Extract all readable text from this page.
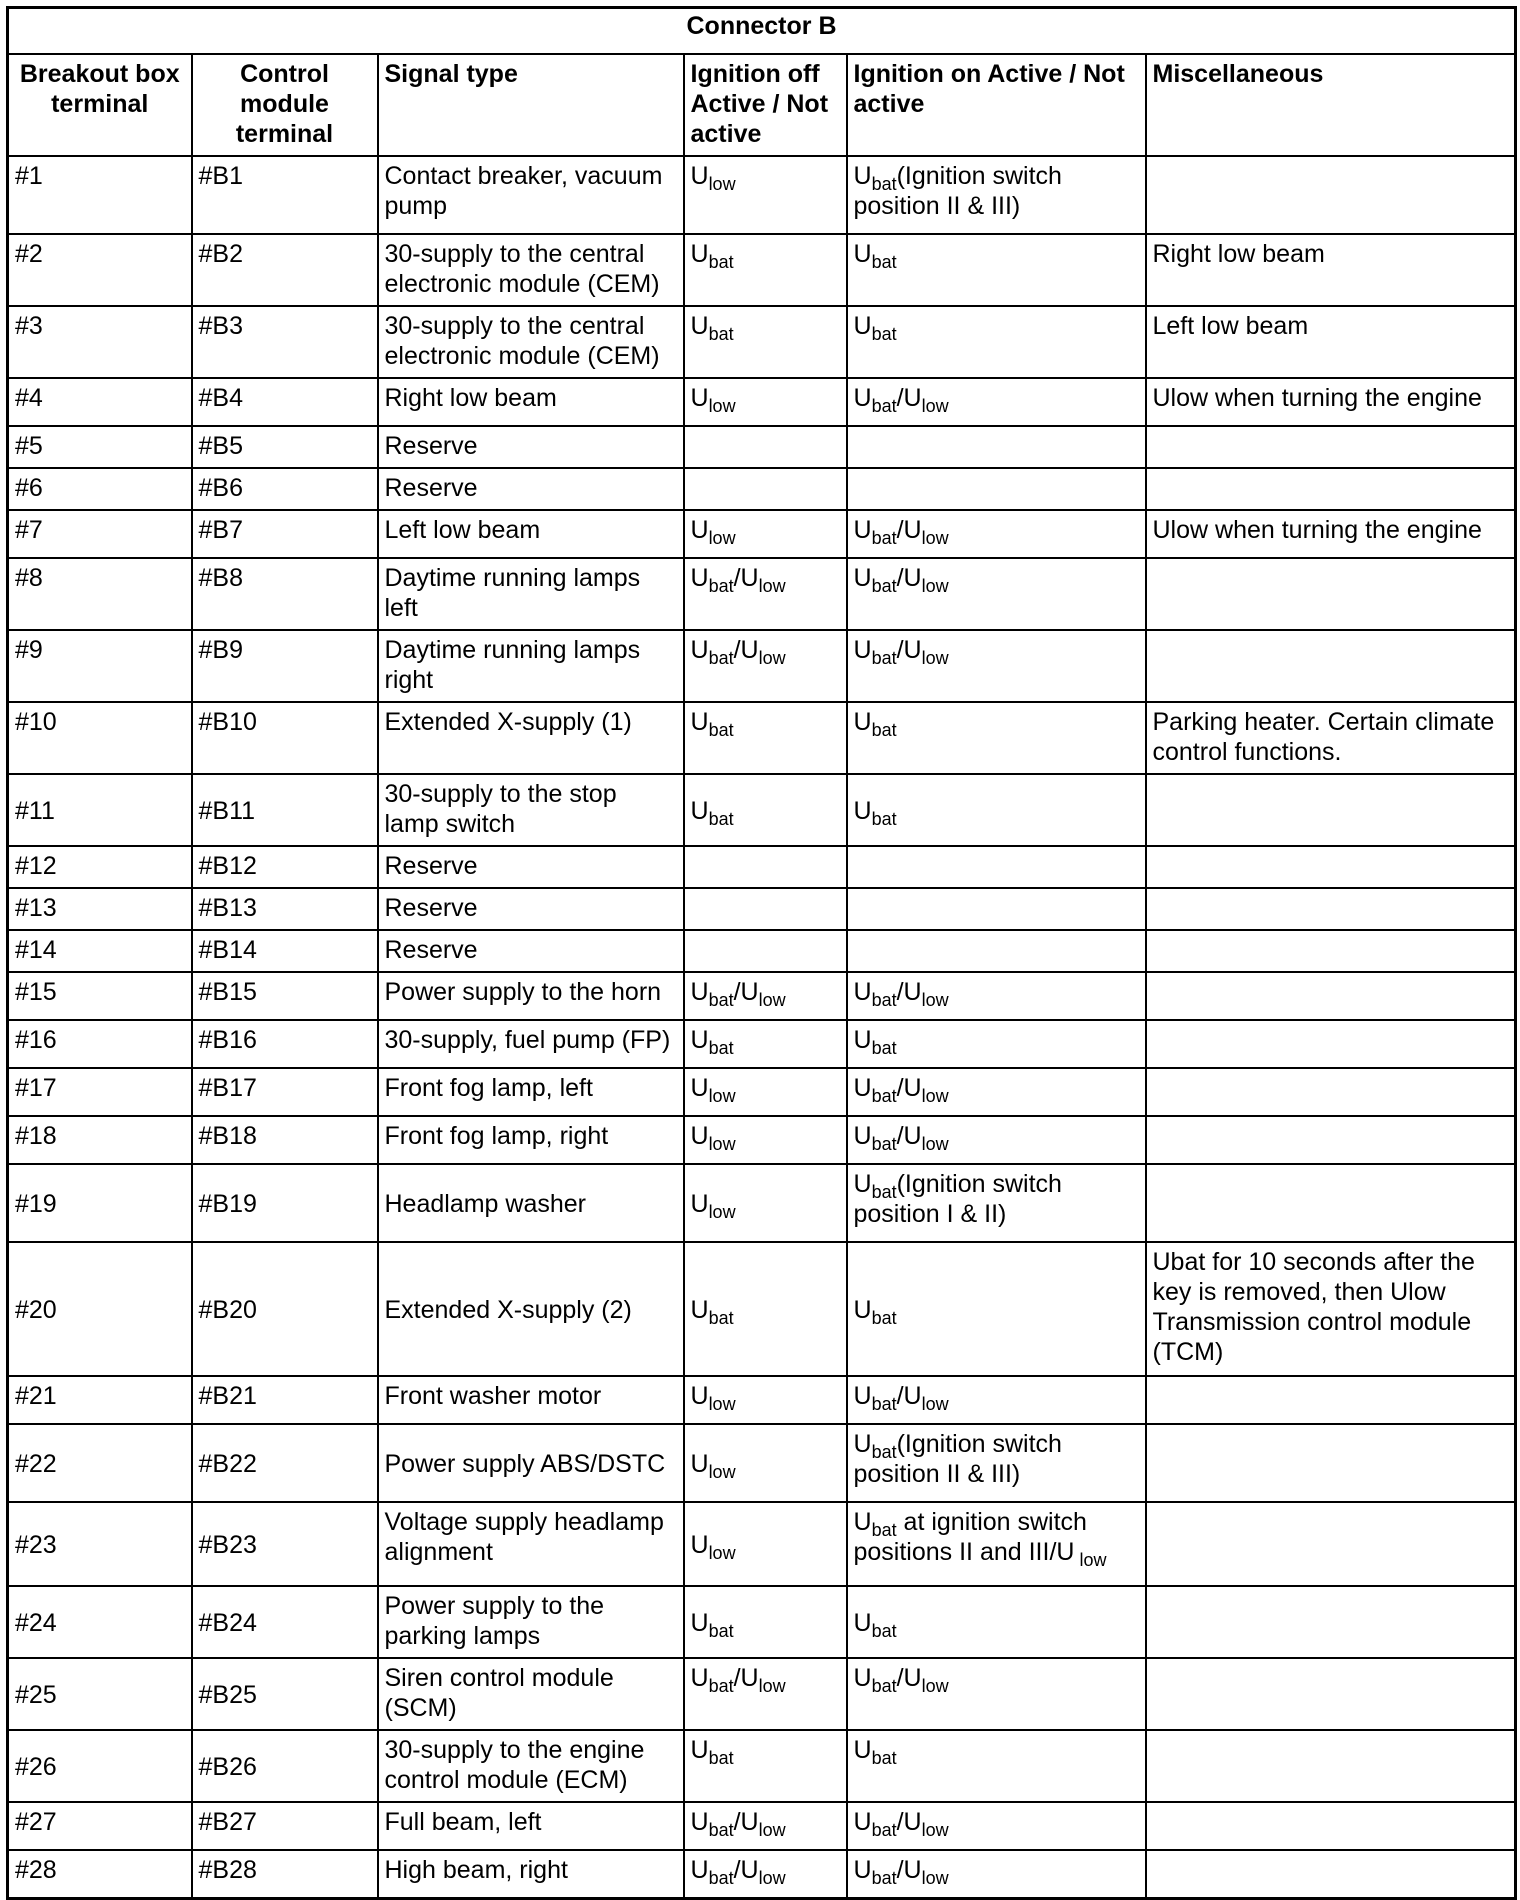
Connector B					
Breakout box terminal	Control module terminal	Signal type	Ignition off Active / Not active	Ignition on Active / Not active	Miscellaneous
#1	#B1	Contact breaker, vacuum pump	$U_{low}$	$U_{bat}(Ignition$ switch position II & III)	
#2	#B2	30-supply to the central electronic module (CEM)	$U_{bat}$	$U_{bat}$	Right low beam
#3	#B3	30-supply to the central electronic module (CEM)	$U_{bat}$	$U_{bat}$	Left low beam
#4	#B4	Right low beam	$U_{low}$	$U_{bat}/U_{low}$	Ulow when turning the engine
#5	#B5	Reserve			
#6	#B6	Reserve			
#7	#B7	Left low beam	$U_{low}$	$U_{bat}/U_{low}$	Ulow when turning the engine
#8	#B8	Daytime running lamps left	$U_{bat}/U_{low}$	$U_{bat}/U_{low}$	
#9	#B9	Daytime running lamps right	$U_{bat}/U_{low}$	$U_{bat}/U_{low}$	
#10	#B10	Extended X-supply (1)	$U_{bat}$	$U_{bat}$	Parking heater. Certain climate control functions.
#11	#B11	30-supply to the stop lamp switch	$U_{bat}$	$U_{bat}$	
#12	#B12	Reserve			
#13	#B13	Reserve			
#14	#B14	Reserve			
#15	#B15	Power supply to the horn	$U_{bat}/U_{low}$	$U_{bat}/U_{low}$	
#16	#B16	30-supply, fuel pump (FP)	$U_{bat}$	$U_{bat}$	
#17	#B17	Front fog lamp, left	$U_{low}$	$U_{bat}/U_{low}$	
#18	#B18	Front fog lamp, right	$U_{low}$	$U_{bat}/U_{low}$	
#19	#B19	Headlamp washer	$U_{low}$	$U_{bat}(Ignition$ switch position I & II)	
#20	#B20	Extended X-supply (2)	$U_{bat}$	$U_{bat}$	Ubat for 10 seconds after the key is removed, then Ulow Transmission control module (TCM)
#21	#B21	Front washer motor	$U_{low}$	$U_{bat}/U_{low}$	
#22	#B22	Power supply ABS/DSTC	$U_{low}$	$U_{bat}(Ignition$ switch position II & III)	
#23	#B23	Voltage supply headlamp alignment	$U_{low}$	$U_{bat}$ at ignition switch positions II and III/U $_{low}$	
#24	#B24	Power supply to the parking lamps	$U_{bat}$	$U_{bat}$	
#25	#B25	Siren control module (SCM)	$U_{bat}/U_{low}$	$U_{bat}/U_{low}$	
#26	#B26	30-supply to the engine control module (ECM)	$U_{bat}$	$U_{bat}$	
#27	#B27	Full beam, left	$U_{bat}/U_{low}$	$U_{bat}/U_{low}$	
#28	#B28	High beam, right	$U_{bat}/U_{low}$	$U_{bat}/U_{low}$	
